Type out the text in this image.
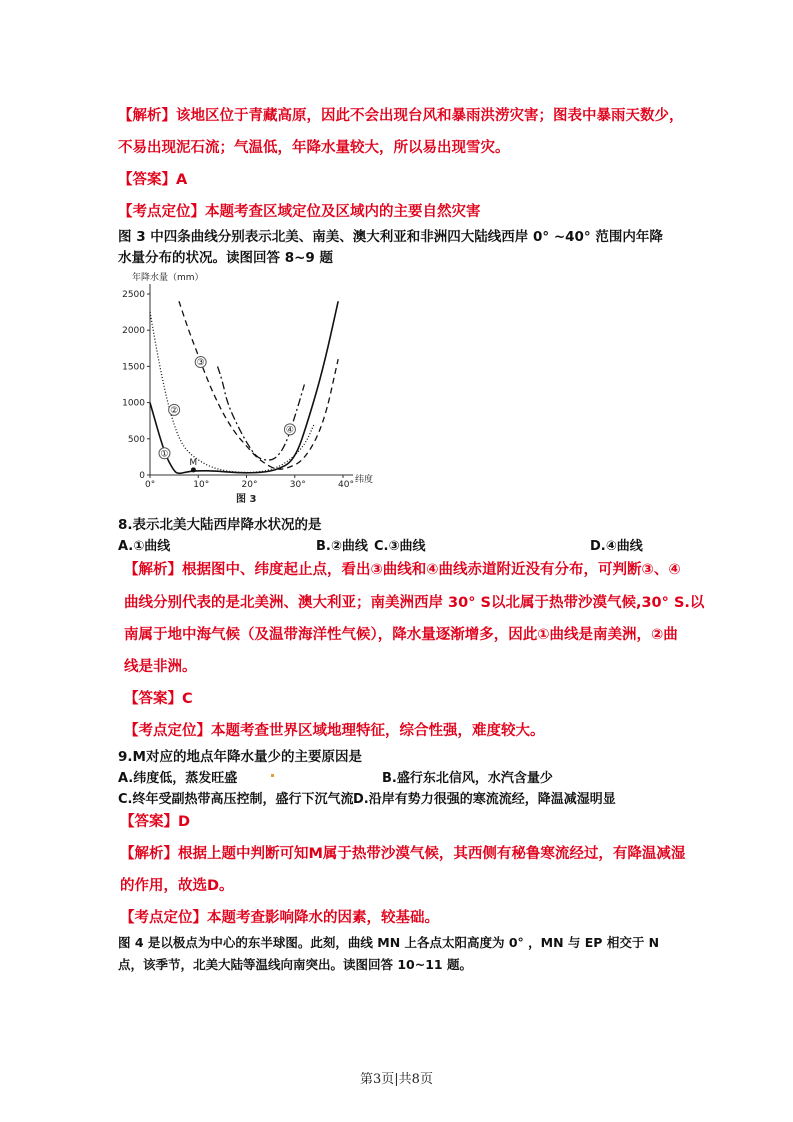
【解析】该地区位于青藏高原，因此不会出现台风和暴雨洪涝灾害；图表中暴雨天数少，
不易出现泥石流；气温低，年降水量较大，所以易出现雪灾。
【答案】A
【考点定位】本题考查区域定位及区域内的主要自然灾害
图 3 中四条曲线分别表示北美、南美、澳大利亚和非洲四大陆线西岸 0° ~40° 范围内年降
水量分布的状况。读图回答 8~9 题
年降水量（mm）
纬度
图 3
0°	10°	20°	30°	40°
0
500
1000
1500
2000
2500
①
②
③
④
M
8.表示北美大陆西岸降水状况的是
A.①曲线	B.②曲线 C.③曲线	D.④曲线
【解析】根据图中、纬度起止点，看出③曲线和④曲线赤道附近没有分布，可判断③、④
曲线分别代表的是北美洲、澳大利亚；南美洲西岸 30° S以北属于热带沙漠气候,30° S.以
南属于地中海气候（及温带海洋性气候），降水量逐渐增多，因此①曲线是南美洲，②曲
线是非洲。
【答案】C
【考点定位】本题考查世界区域地理特征，综合性强，难度较大。
9.M对应的地点年降水量少的主要原因是
A.纬度低，蒸发旺盛	B.盛行东北信风，水汽含量少
C.终年受副热带高压控制，盛行下沉气流 D.沿岸有势力很强的寒流流经，降温减湿明显
【答案】D
【解析】根据上题中判断可知M属于热带沙漠气候，其西侧有秘鲁寒流经过，有降温减湿
的作用，故选D。
【考点定位】本题考查影响降水的因素，较基础。
图 4 是以极点为中心的东半球图。此刻，曲线 MN 上各点太阳高度为 0° ，MN 与 EP 相交于 N
点，该季节，北美大陆等温线向南突出。读图回答 10~11 题。
第3页|共8页
